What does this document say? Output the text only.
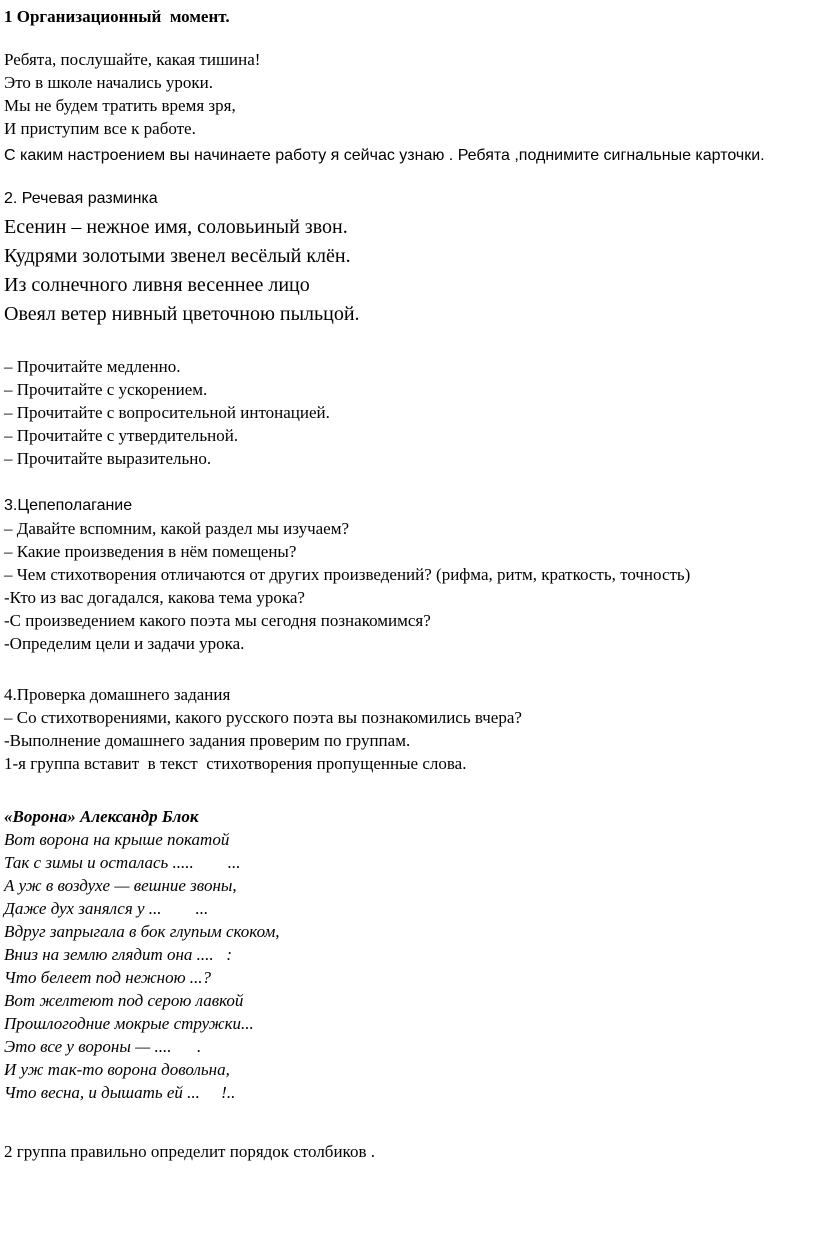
1 Организационный  момент.
Ребята, послушайте, какая тишина!
Это в школе начались уроки.
Мы не будем тратить время зря,
И приступим все к работе.
С каким настроением вы начинаете работу я сейчас узнаю . Ребята ,поднимите сигнальные карточки.
2. Речевая разминка
Есенин – нежное имя, соловьиный звон.
Кудрями золотыми звенел весёлый клён.
Из солнечного ливня весеннее лицо
Овеял ветер нивный цветочною пыльцой.
– Прочитайте медленно.
– Прочитайте с ускорением.
– Прочитайте с вопросительной интонацией.
– Прочитайте с утвердительной.
– Прочитайте выразительно.
3.Цепеполагание
– Давайте вспомним, какой раздел мы изучаем?
– Какие произведения в нём помещены?
– Чем стихотворения отличаются от других произведений? (рифма, ритм, краткость, точность)
-Кто из вас догадался, какова тема урока?
-С произведением какого поэта мы сегодня познакомимся?
-Определим цели и задачи урока.
4.Проверка домашнего задания
– Со стихотворениями, какого русского поэта вы познакомились вчера?
-Выполнение домашнего задания проверим по группам.
1-я группа вставит  в текст  стихотворения пропущенные слова.
«Ворона» Александр Блок
Вот ворона на крыше покатой
Так с зимы и осталась .....        ...
А уж в воздухе — вешние звоны,
Даже дух занялся у ...        ...
Вдруг запрыгала в бок глупым скоком,
Вниз на землю глядит она ....   :
Что белеет под нежною ...?
Вот желтеют под серою лавкой
Прошлогодние мокрые стружки...
Это все у вороны — ....      .
И уж так-то ворона довольна,
Что весна, и дышать ей ...     !..
2 группа правильно определит порядок столбиков .
